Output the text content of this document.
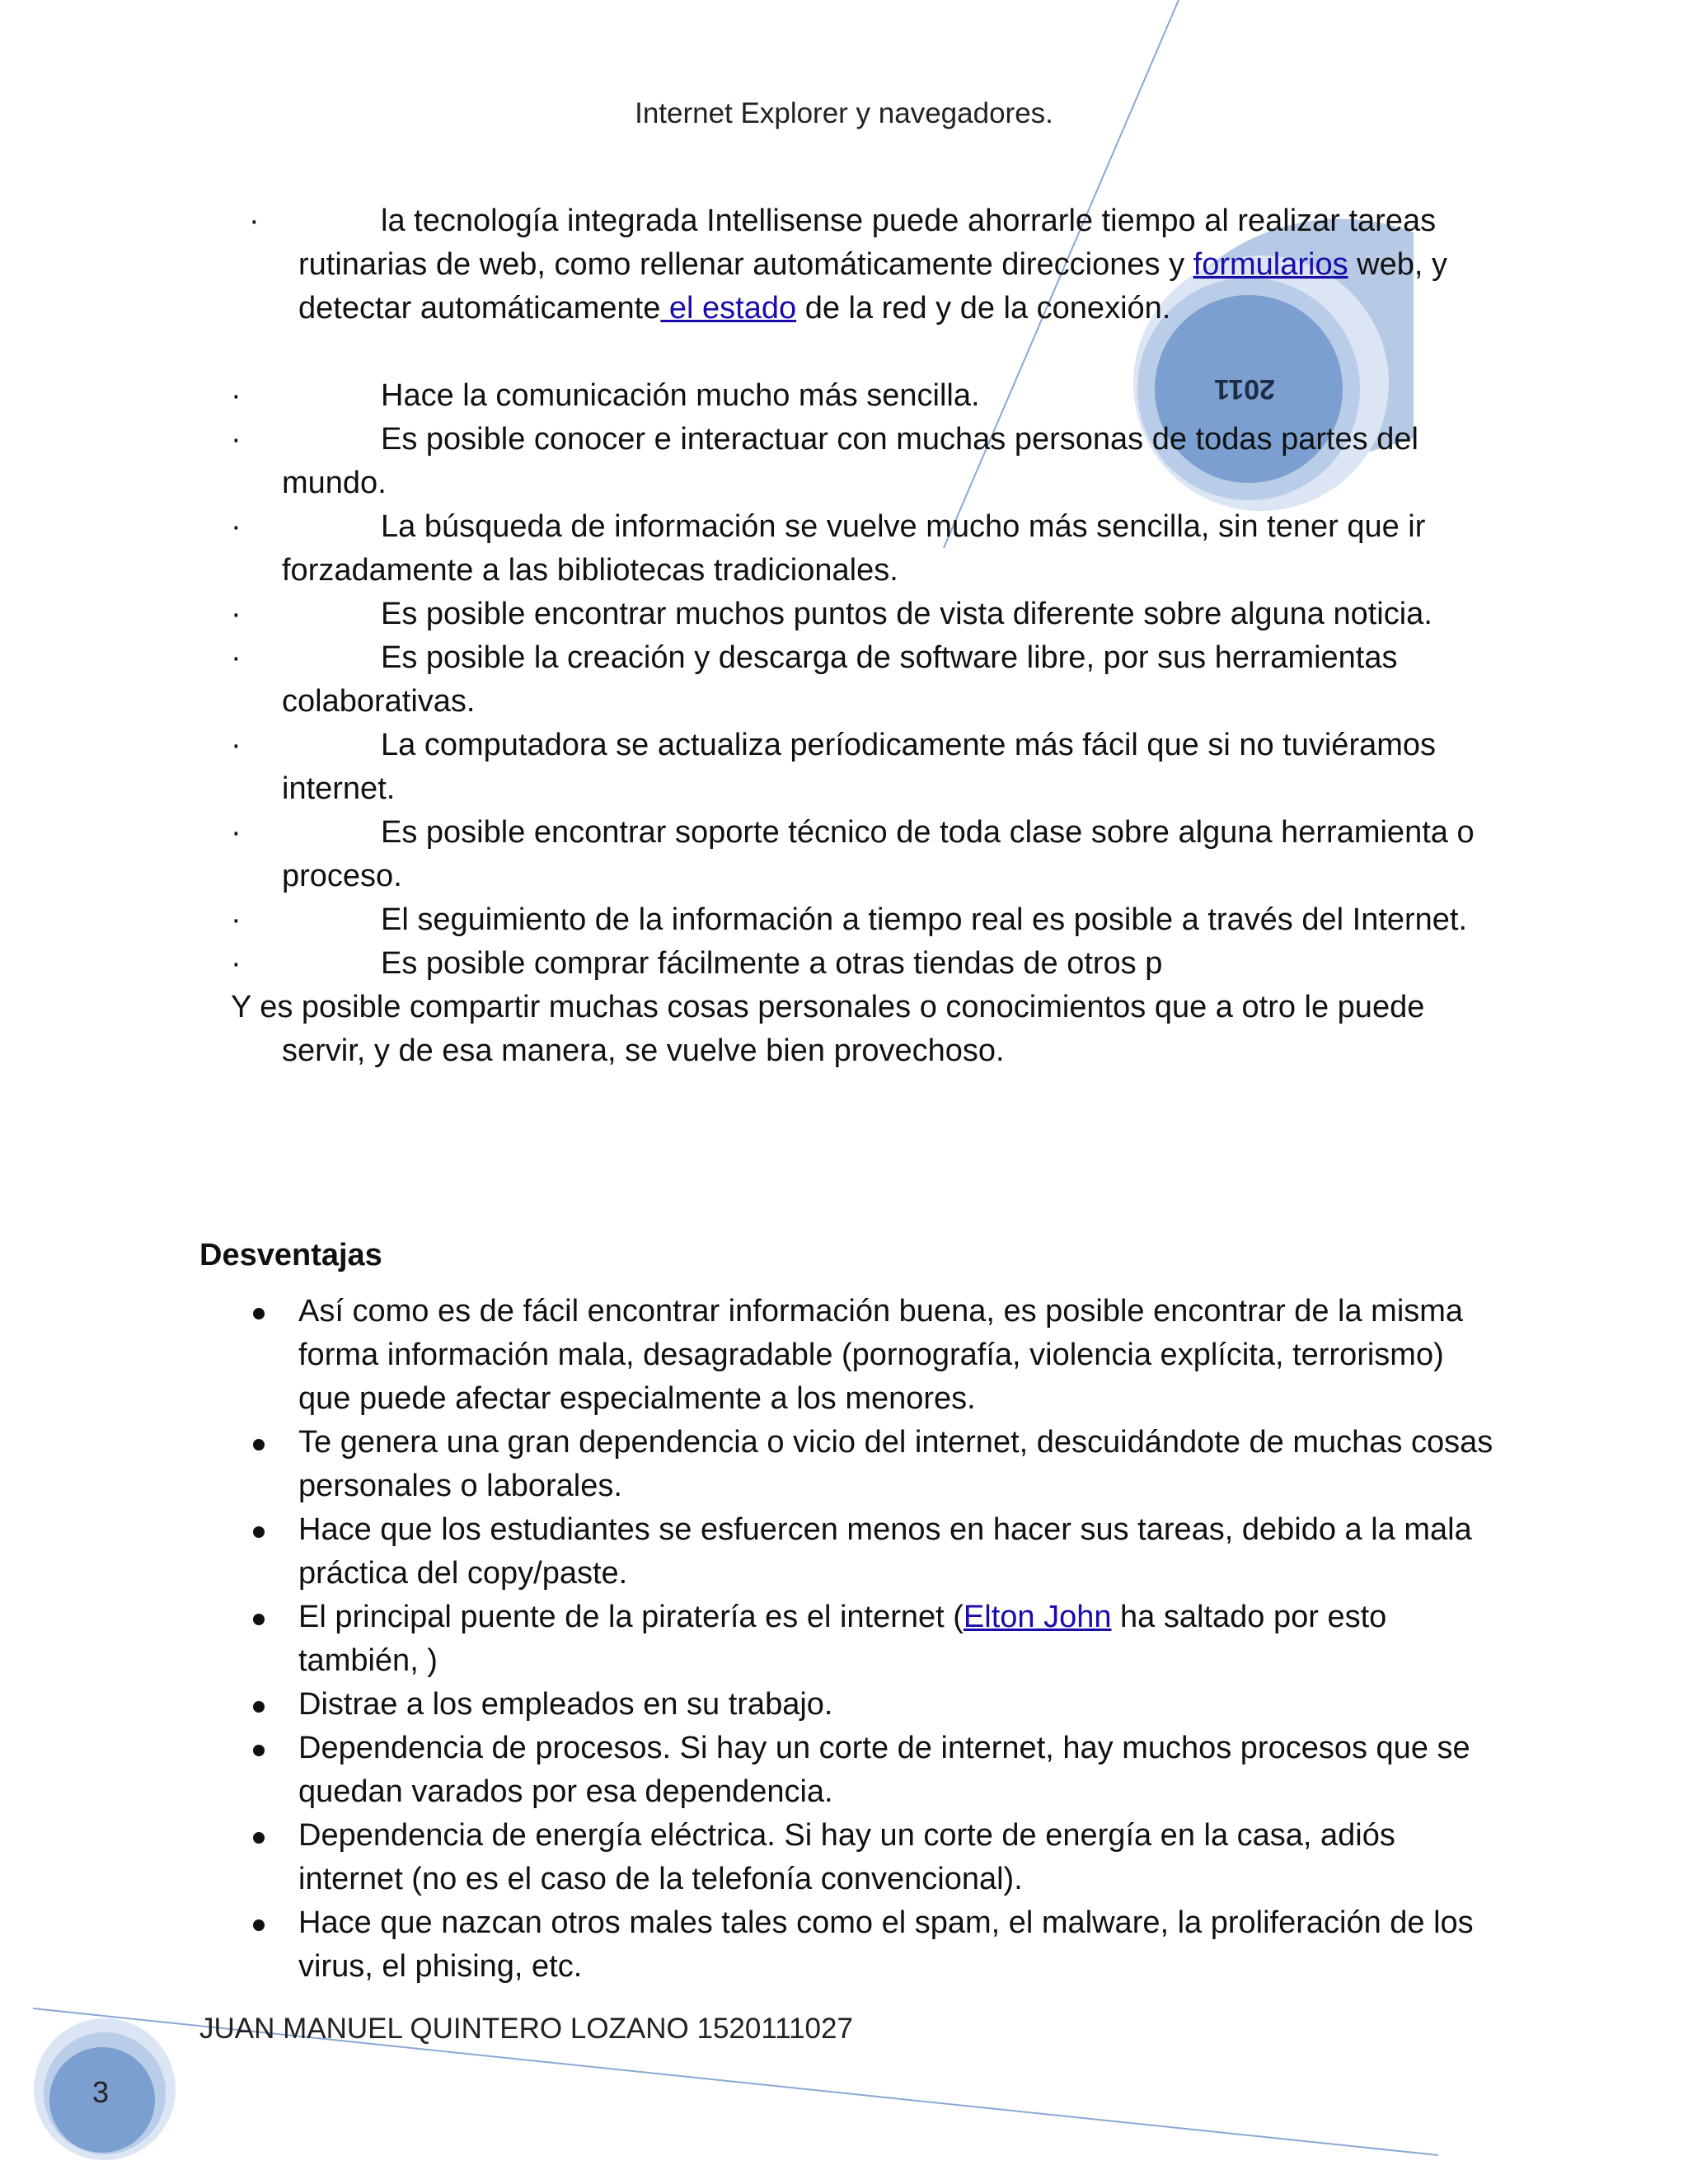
Internet Explorer y navegadores.
2011
·	la tecnología integrada Intellisense puede ahorrarle tiempo al realizar tareas rutinarias de web, como rellenar automáticamente direcciones y formularios web, y detectar automáticamente el estado de la red y de la conexión.
·	Hace la comunicación mucho más sencilla.
·	Es posible conocer e interactuar con muchas personas de todas partes del mundo.
·	La búsqueda de información se vuelve mucho más sencilla, sin tener que ir forzadamente a las bibliotecas tradicionales.
·	Es posible encontrar muchos puntos de vista diferente sobre alguna noticia.
·	Es posible la creación y descarga de software libre, por sus herramientas colaborativas.
·	La computadora se actualiza períodicamente más fácil que si no tuviéramos internet.
·	Es posible encontrar soporte técnico de toda clase sobre alguna herramienta o proceso.
·	El seguimiento de la información a tiempo real es posible a través del Internet.
·	Es posible comprar fácilmente a otras tiendas de otros p
Y es posible compartir muchas cosas personales o conocimientos que a otro le puede servir, y de esa manera, se vuelve bien provechoso.
Desventajas
Así como es de fácil encontrar información buena, es posible encontrar de la misma forma información mala, desagradable (pornografía, violencia explícita, terrorismo) que puede afectar especialmente a los menores.
Te genera una gran dependencia o vicio del internet, descuidándote de muchas cosas personales o laborales.
Hace que los estudiantes se esfuercen menos en hacer sus tareas, debido a la mala práctica del copy/paste.
El principal puente de la piratería es el internet (Elton John ha saltado por esto también, )
Distrae a los empleados en su trabajo.
Dependencia de procesos. Si hay un corte de internet, hay muchos procesos que se quedan varados por esa dependencia.
Dependencia de energía eléctrica. Si hay un corte de energía en la casa, adiós internet (no es el caso de la telefonía convencional).
Hace que nazcan otros males tales como el spam, el malware, la proliferación de los virus, el phising, etc.
JUAN MANUEL QUINTERO LOZANO 1520111027
3
